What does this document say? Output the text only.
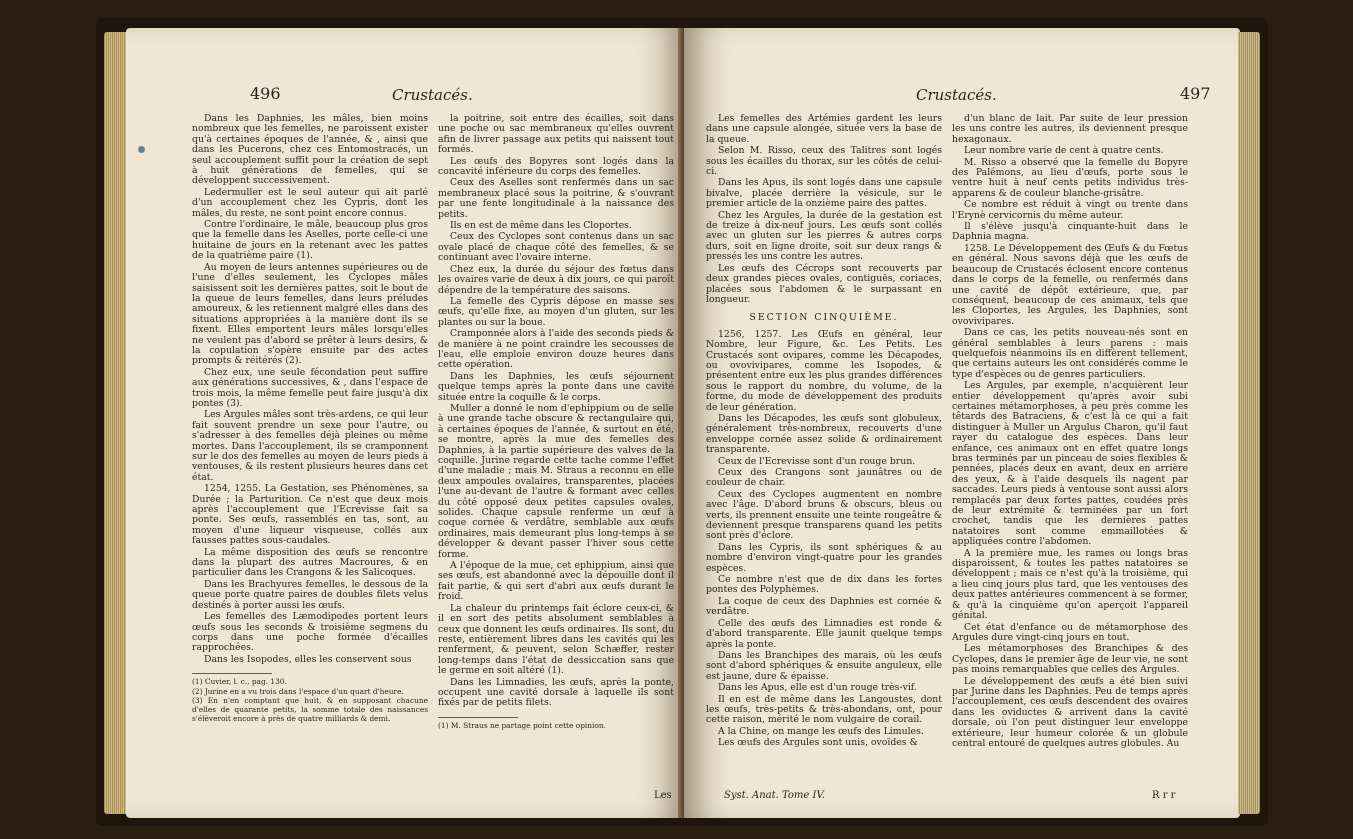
496	Crustacés.

Dans les Daphnies, les mâles, bien moins nombreux que les femelles, ne paroissent exister qu'à certaines époques de l'année, & , ainsi que dans les Pucerons, chez ces Entomostracés, un seul accouplement suffit pour la création de sept à huit générations de femelles, qui se développent successivement.

Ledermuller est le seul auteur qui ait parlé d'un accouplement chez les Cypris, dont les mâles, du reste, ne sont point encore connus.

Contre l'ordinaire, le mâle, beaucoup plus gros que la femelle dans les Aselles, porte celle-ci une huitaine de jours en la retenant avec les pattes de la quatrième paire (1).

Au moyen de leurs antennes supérieures ou de l'une d'elles seulement, les Cyclopes mâles saisissent soit les dernières pattes, soit le bout de la queue de leurs femelles, dans leurs préludes amoureux, & les retiennent malgré elles dans des situations appropriées à la manière dont ils se fixent. Elles emportent leurs mâles lorsqu'elles ne veulent pas d'abord se prêter à leurs desirs, & la copulation s'opère ensuite par des actes prompts & réitérés (2).

Chez eux, une seule fécondation peut suffire aux générations successives, & , dans l'espace de trois mois, la même femelle peut faire jusqu'à dix pontes (3).

Les Argules mâles sont très-ardens, ce qui leur fait souvent prendre un sexe pour l'autre, ou s'adresser à des femelles déjà pleines ou même mortes. Dans l'accouplement, ils se cramponnent sur le dos des femelles au moyen de leurs pieds à ventouses, & ils restent plusieurs heures dans cet état.

1254, 1255. La Gestation, ses Phénomènes, sa Durée ; la Parturition. Ce n'est que deux mois après l'accouplement que l'Ecrevisse fait sa ponte. Ses œufs, rassemblés en tas, sont, au moyen d'une liqueur visqueuse, collés aux fausses pattes sous-caudales.

La même disposition des œufs se rencontre dans la plupart des autres Macroures, & en particulier dans les Crangons & les Salicoques.

Dans les Brachyures femelles, le dessous de la queue porte quatre paires de doubles filets velus destinés à porter aussi les œufs.

Les femelles des Læmodipodes portent leurs œufs sous les seconds & troisième segmens du corps dans une poche formée d'écailles rapprochées.

Dans les Isopodes, elles les conservent sous

(1) Cuvier, l. c., pag. 130.

(2) Jurine en a vu trois dans l'espace d'un quart d'heure.

(3) En n'en comptant que huit, & en supposant chacune d'elles de quarante petits, la somme totale des naissances s'élèveroit encore à près de quatre milliards & demi.

la poitrine, soit entre des écailles, soit dans une poche ou sac membraneux qu'elles ouvrent afin de livrer passage aux petits qui naissent tout formés.

Les œufs des Bopyres sont logés dans la concavité inférieure du corps des femelles.

Ceux des Aselles sont renfermés dans un sac membraneux placé sous la poitrine, & s'ouvrant par une fente longitudinale à la naissance des petits.

Ils en est de même dans les Cloportes.

Ceux des Cyclopes sont contenus dans un sac ovale placé de chaque côté des femelles, & se continuant avec l'ovaire interne.

Chez eux, la durée du séjour des fœtus dans les ovaires varie de deux à dix jours, ce qui paroît dépendre de la température des saisons.

La femelle des Cypris dépose en masse ses œufs, qu'elle fixe, au moyen d'un gluten, sur les plantes ou sur la boue.

Cramponnée alors à l'aide des seconds pieds & de manière à ne point craindre les secousses de l'eau, elle emploie environ douze heures dans cette opération.

Dans les Daphnies, les œufs séjournent quelque temps après la ponte dans une cavité située entre la coquille & le corps.

Muller a donné le nom d'ephippium ou de selle à une grande tache obscure & rectangulaire qui, à certaines époques de l'année, & surtout en été, se montre, après la mue des femelles des Daphnies, à la partie supérieure des valves de la coquille. Jurine regarde cette tache comme l'effet d'une maladie ; mais M. Straus a reconnu en elle deux ampoules ovalaires, transparentes, placées l'une au-devant de l'autre & formant avec celles du côté opposé deux petites capsules ovales, solides. Chaque capsule renferme un œuf à coque cornée & verdâtre, semblable aux œufs ordinaires, mais demeurant plus long-temps à se développer & devant passer l'hiver sous cette forme.

A l'époque de la mue, cet ephippium, ainsi que ses œufs, est abandonné avec la dépouille dont il fait partie, & qui sert d'abri aux œufs durant le froid.

La chaleur du printemps fait éclore ceux-ci, & il en sort des petits absolument semblables à ceux que donnent les œufs ordinaires. Ils sont, du reste, entièrement libres dans les cavités qui les renferment, & peuvent, selon Schæffer, rester long-temps dans l'état de dessiccation sans que le germe en soit altéré (1).

Dans les Limnadies, les œufs, après la ponte, occupent une cavité dorsale à laquelle ils sont fixés par de petits filets.

(1) M. Straus ne partage point cette opinion.

Les
Crustacés.	497

Les femelles des Artémies gardent les leurs dans une capsule alongée, située vers la base de la queue.

Selon M. Risso, ceux des Talitres sont logés sous les écailles du thorax, sur les côtés de celui-ci.

Dans les Apus, ils sont logés dans une capsule bivalve, placée derrière la vésicule, sur le premier article de la onzième paire des pattes.

Chez les Argules, la durée de la gestation est de treize à dix-neuf jours. Les œufs sont collés avec un gluten sur les pierres & autres corps durs, soit en ligne droite, soit sur deux rangs & pressés les uns contre les autres.

Les œufs des Cécrops sont recouverts par deux grandes pièces ovales, contiguës, coriaces, placées sous l'abdomen & le surpassant en longueur.

SECTION CINQUIÈME.

1256, 1257. Les Œufs en général, leur Nombre, leur Figure, &c. Les Petits. Les Crustacés sont ovipares, comme les Décapodes, ou ovovivipares, comme les Isopodes, & présentent entre eux les plus grandes différences sous le rapport du nombre, du volume, de la forme, du mode de développement des produits de leur génération.

Dans les Décapodes, les œufs sont globuleux, généralement très-nombreux, recouverts d'une enveloppe cornée assez solide & ordinairement transparente.

Ceux de l'Ecrevisse sont d'un rouge brun.

Ceux des Crangons sont jaunâtres ou de couleur de chair.

Ceux des Cyclopes augmentent en nombre avec l'âge. D'abord bruns & obscurs, bleus ou verts, ils prennent ensuite une teinte rougeâtre & deviennent presque transparens quand les petits sont près d'éclore.

Dans les Cypris, ils sont sphériques & au nombre d'environ vingt-quatre pour les grandes espèces.

Ce nombre n'est que de dix dans les fortes pontes des Polyphèmes.

La coque de ceux des Daphnies est cornée & verdâtre.

Celle des œufs des Limnadies est ronde & d'abord transparente. Elle jaunit quelque temps après la ponte.

Dans les Branchipes des marais, où les œufs sont d'abord sphériques & ensuite anguleux, elle est jaune, dure & épaisse.

Dans les Apus, elle est d'un rouge très-vif.

Il en est de même dans les Langoustes, dont les œufs, très-petits & très-abondans, ont, pour cette raison, mérité le nom vulgaire de corail.

A la Chine, on mange les œufs des Limules.

Les œufs des Argules sont unis, ovoïdes &

d'un blanc de lait. Par suite de leur pression les uns contre les autres, ils deviennent presque hexagonaux.

Leur nombre varie de cent à quatre cents.

M. Risso a observé que la femelle du Bopyre des Palémons, au lieu d'œufs, porte sous le ventre huit à neuf cents petits individus très-apparens & de couleur blanche-grisâtre.

Ce nombre est réduit à vingt ou trente dans l'Erynè cervicornis du même auteur.

Il s'élève jusqu'à cinquante-huit dans le Daphnia magna.

1258. Le Développement des Œufs & du Fœtus en général. Nous savons déjà que les œufs de beaucoup de Crustacés éclosent encore contenus dans le corps de la femelle, ou renfermés dans une cavité de dépôt extérieure, que, par conséquent, beaucoup de ces animaux, tels que les Cloportes, les Argules, les Daphnies, sont ovovivipares.

Dans ce cas, les petits nouveau-nés sont en général semblables à leurs parens : mais quelquefois néanmoins ils en diffèrent tellement, que certains auteurs les ont considérés comme le type d'espèces ou de genres particuliers.

Les Argules, par exemple, n'acquièrent leur entier développement qu'après avoir subi certaines métamorphoses, à peu près comme les têtards des Batraciens, & c'est là ce qui a fait distinguer à Muller un Argulus Charon, qu'il faut rayer du catalogue des espèces. Dans leur enfance, ces animaux ont en effet quatre longs bras terminés par un pinceau de soies flexibles & pennées, placés deux en avant, deux en arrière des yeux, & à l'aide desquels ils nagent par saccades. Leurs pieds à ventouse sont aussi alors remplacés par deux fortes pattes, coudées près de leur extrémité & terminées par un fort crochet, tandis que les dernières pattes natatoires sont comme emmaillotées & appliquées contre l'abdomen.

A la première mue, les rames ou longs bras disparoissent, & toutes les pattes natatoires se développent ; mais ce n'est qu'à la troisième, qui a lieu cinq jours plus tard, que les ventouses des deux pattes antérieures commencent à se former, & qu'à la cinquième qu'on aperçoit l'appareil génital.

Cet état d'enfance ou de métamorphose des Argules dure vingt-cinq jours en tout.

Les métamorphoses des Branchipes & des Cyclopes, dans le premier âge de leur vie, ne sont pas moins remarquables que celles des Argules.

Le développement des œufs a été bien suivi par Jurine dans les Daphnies. Peu de temps après l'accouplement, ces œufs descendent des ovaires dans les oviductes & arrivent dans la cavité dorsale, où l'on peut distinguer leur enveloppe extérieure, leur humeur colorée & un globule central entouré de quelques autres globules. Au

Syst. Anat. Tome IV.	R r r
